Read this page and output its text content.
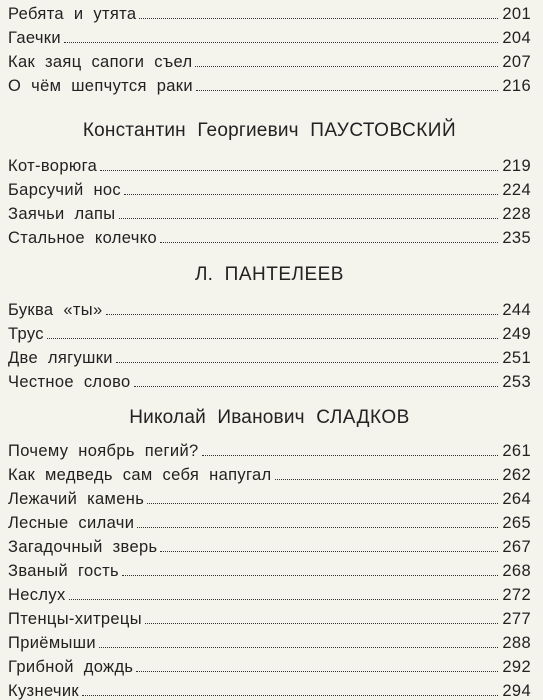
Ребята и утята	201
Гаечки	204
Как заяц сапоги съел	207
О чём шепчутся раки	216
Константин Георгиевич ПАУСТОВСКИЙ
Кот-ворюга	219
Барсучий нос	224
Заячьи лапы	228
Стальное колечко	235
Л. ПАНТЕЛЕЕВ
Буква «ты»	244
Трус	249
Две лягушки	251
Честное слово	253
Николай Иванович СЛАДКОВ
Почему ноябрь пегий?	261
Как медведь сам себя напугал	262
Лежачий камень	264
Лесные силачи	265
Загадочный зверь	267
Званый гость	268
Неслух	272
Птенцы-хитрецы	277
Приёмыши	288
Грибной дождь	292
Кузнечик	294
